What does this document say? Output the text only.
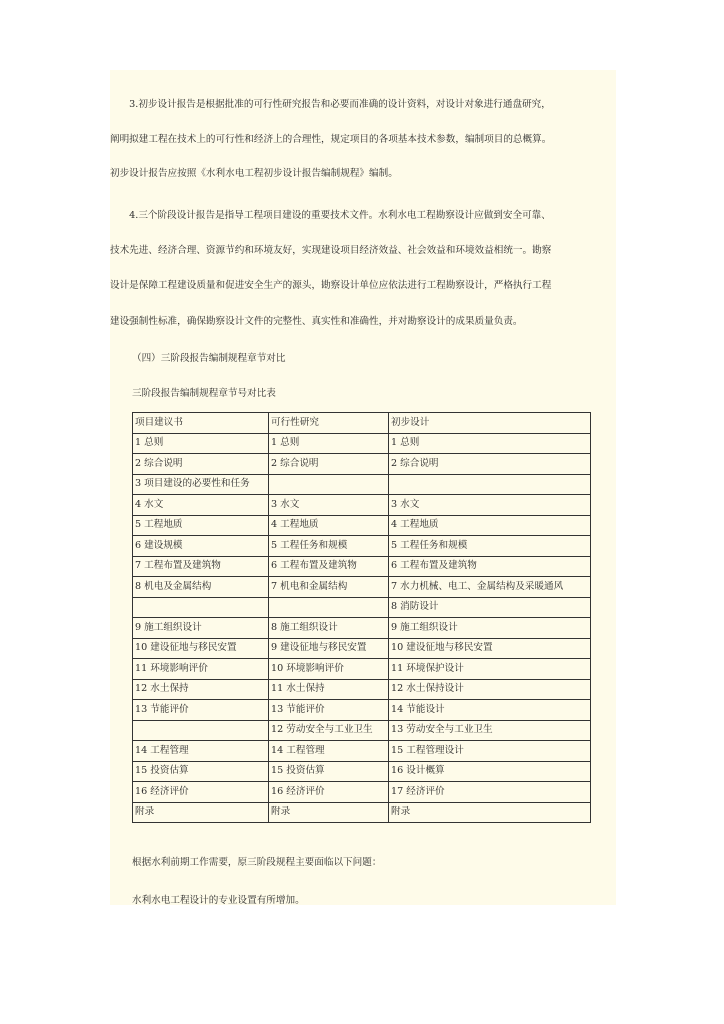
　　3.初步设计报告是根据批准的可行性研究报告和必要而准确的设计资料，对设计对象进行通盘研究，
阐明拟建工程在技术上的可行性和经济上的合理性，规定项目的各项基本技术参数，编制项目的总概算。
初步设计报告应按照《水利水电工程初步设计报告编制规程》编制。
　　4.三个阶段设计报告是指导工程项目建设的重要技术文件。水利水电工程勘察设计应做到安全可靠、
技术先进、经济合理、资源节约和环境友好，实现建设项目经济效益、社会效益和环境效益相统一。勘察
设计是保障工程建设质量和促进安全生产的源头，勘察设计单位应依法进行工程勘察设计，严格执行工程
建设强制性标准，确保勘察设计文件的完整性、真实性和准确性，并对勘察设计的成果质量负责。
（四）三阶段报告编制规程章节对比
三阶段报告编制规程章节号对比表
项目建议书	可行性研究	初步设计
1 总则	1 总则	1 总则
2 综合说明	2 综合说明	2 综合说明
3 项目建设的必要性和任务		
4 水文	3 水文	3 水文
5 工程地质	4 工程地质	4 工程地质
6 建设规模	5 工程任务和规模	5 工程任务和规模
7 工程布置及建筑物	6 工程布置及建筑物	6 工程布置及建筑物
8 机电及金属结构	7 机电和金属结构	7 水力机械、电工、金属结构及采暖通风
		8 消防设计
9 施工组织设计	8 施工组织设计	9 施工组织设计
10 建设征地与移民安置	9 建设征地与移民安置	10 建设征地与移民安置
11 环境影响评价	10 环境影响评价	11 环境保护设计
12 水土保持	11 水土保持	12 水土保持设计
13 节能评价	13 节能评价	14 节能设计
	12 劳动安全与工业卫生	13 劳动安全与工业卫生
14 工程管理	14 工程管理	15 工程管理设计
15 投资估算	15 投资估算	16 设计概算
16 经济评价	16 经济评价	17 经济评价
附录	附录	附录
根据水利前期工作需要，原三阶段规程主要面临以下问题：
水利水电工程设计的专业设置有所增加。
